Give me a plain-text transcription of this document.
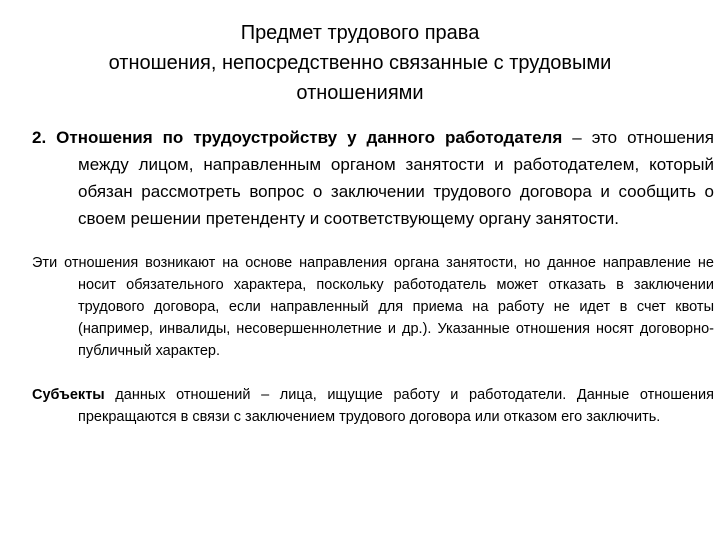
Предмет трудового права
отношения, непосредственно связанные с трудовыми
отношениями
2. Отношения по трудоустройству у данного работодателя – это отношения между лицом, направленным органом занятости и работодателем, который обязан рассмотреть вопрос о заключении трудового договора и сообщить о своем решении претенденту и соответствующему органу занятости.
Эти отношения возникают на основе направления органа занятости, но данное направление не носит обязательного характера, поскольку работодатель может отказать в заключении трудового договора, если направленный для приема на работу не идет в счет квоты (например, инвалиды, несовершеннолетние и др.). Указанные отношения носят договорно-публичный характер.
Субъекты данных отношений – лица, ищущие работу и работодатели. Данные отношения прекращаются в связи с заключением трудового договора или отказом его заключить.
